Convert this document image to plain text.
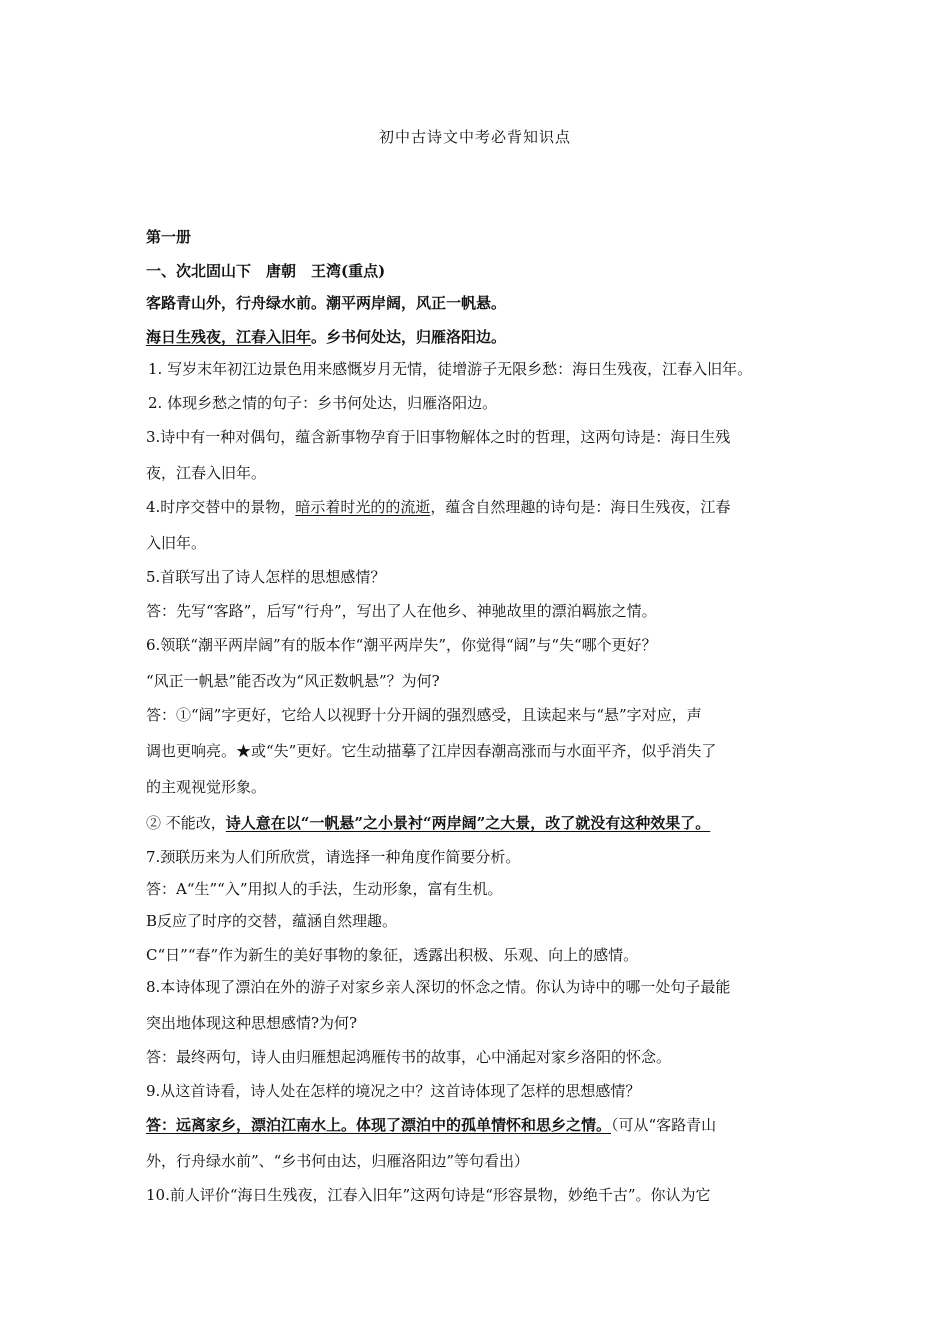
初中古诗文中考必背知识点
第一册
一、次北固山下　唐朝　王湾(重点)
客路青山外，行舟绿水前。潮平两岸阔，风正一帆悬。
海日生残夜，江春入旧年。乡书何处达，归雁洛阳边。
1. 写岁末年初江边景色用来感慨岁月无情，徒增游子无限乡愁：海日生残夜，江春入旧年。
2. 体现乡愁之情的句子：乡书何处达，归雁洛阳边。
3.诗中有一种对偶句，蕴含新事物孕育于旧事物解体之时的哲理，这两句诗是：海日生残
夜，江春入旧年。
4.时序交替中的景物，暗示着时光的的流逝，蕴含自然理趣的诗句是：海日生残夜，江春
入旧年。
5.首联写出了诗人怎样的思想感情？
答：先写“客路”，后写“行舟”，写出了人在他乡、神驰故里的漂泊羁旅之情。
6.领联“潮平两岸阔”有的版本作“潮平两岸失”，你觉得“阔”与“失“哪个更好？
“风正一帆悬”能否改为“风正数帆悬”？为何?
答：①“阔”字更好，它给人以视野十分开阔的强烈感受，且读起来与“悬”字对应，声
调也更响亮。★或“失”更好。它生动描摹了江岸因春潮高涨而与水面平齐，似乎消失了
的主观视觉形象。
② 不能改，诗人意在以“一帆悬”之小景衬“两岸阔”之大景，改了就没有这种效果了。
7.颈联历来为人们所欣赏，请选择一种角度作简要分析。
答：A“生”“入”用拟人的手法，生动形象，富有生机。
B反应了时序的交替，蕴涵自然理趣。
C“日”“春”作为新生的美好事物的象征，透露出积极、乐观、向上的感情。
8.本诗体现了漂泊在外的游子对家乡亲人深切的怀念之情。你认为诗中的哪一处句子最能
突出地体现这种思想感情?为何?
答：最终两句，诗人由归雁想起鸿雁传书的故事，心中涌起对家乡洛阳的怀念。
9.从这首诗看，诗人处在怎样的境况之中？这首诗体现了怎样的思想感情？
答：远离家乡，漂泊江南水上。体现了漂泊中的孤单情怀和思乡之情。（可从“客路青山
外，行舟绿水前”、“乡书何由达，归雁洛阳边”等句看出）
10.前人评价“海日生残夜，江春入旧年”这两句诗是“形容景物，妙绝千古”。你认为它
